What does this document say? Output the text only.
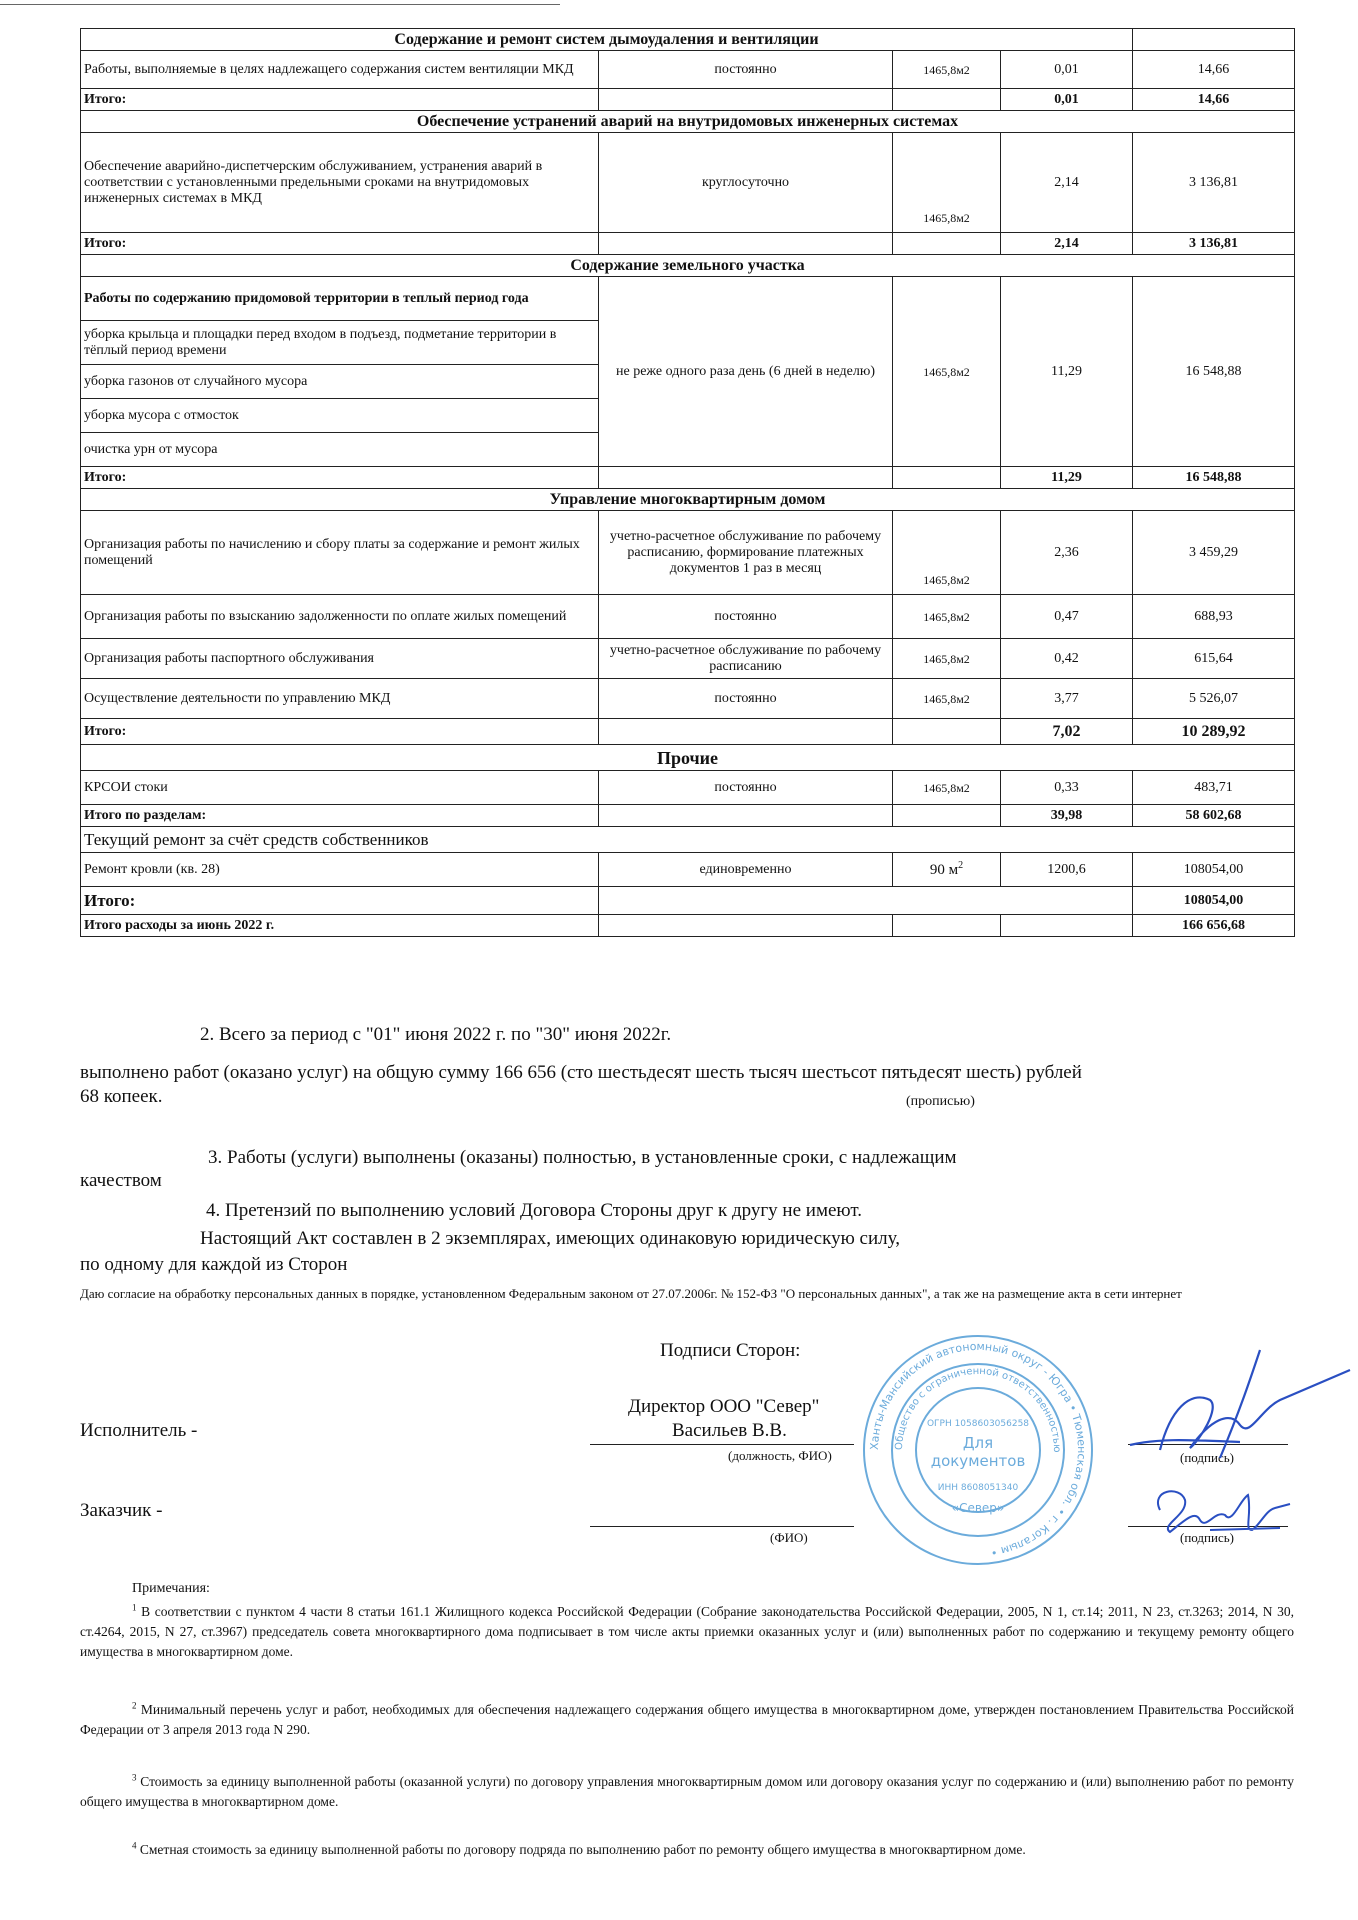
Содержание и ремонт систем дымоудаления и вентиляции				
Работы, выполняемые в целях надлежащего содержания систем вентиляции МКД	постоянно	1465,8м2	0,01	14,66
Итого:			0,01	14,66
Обеспечение устранений аварий на внутридомовых инженерных системах				
Обеспечение аварийно-диспетчерским обслуживанием, устранения аварий в соответствии с установленными предельными сроками на внутридомовых инженерных системах в МКД	круглосуточно	1465,8м2	2,14	3 136,81
Итого:			2,14	3 136,81
Содержание земельного участка				
Работы по содержанию придомовой территории в теплый период года	не реже одного раза день (6 дней в неделю)	1465,8м2	11,29	16 548,88
уборка крыльца и площадки перед входом в подъезд, подметание территории в тёплый период времени				
уборка газонов от случайного мусора				
уборка мусора с отмосток				
очистка урн от мусора				
Итого:			11,29	16 548,88
Управление многоквартирным домом				
Организация работы по начислению и сбору платы за содержание и ремонт жилых помещений	учетно-расчетное обслуживание по рабочему расписанию, формирование платежных документов 1 раз в месяц	1465,8м2	2,36	3 459,29
Организация работы по взысканию задолженности по оплате жилых помещений	постоянно	1465,8м2	0,47	688,93
Организация работы паспортного обслуживания	учетно-расчетное обслуживание по рабочему расписанию	1465,8м2	0,42	615,64
Осуществление деятельности по управлению МКД	постоянно	1465,8м2	3,77	5 526,07
Итого:			7,02	10 289,92
Прочие				
КРСОИ стоки	постоянно	1465,8м2	0,33	483,71
Итого по разделам:			39,98	58 602,68
Текущий ремонт за счёт средств собственников				
Ремонт кровли (кв. 28)	единовременно	90 $м^2$	1200,6	108054,00
Итого:				108054,00
Итого расходы за июнь 2022 г.				166 656,68
2. Всего за период с "01" июня 2022 г. по "30" июня 2022г.
выполнено работ (оказано услуг) на общую сумму 166 656 (сто шестьдесят шесть тысяч шестьсот пятьдесят шесть) рублей
68 копеек.	(прописью)
3. Работы (услуги) выполнены (оказаны) полностью, в установленные сроки, с надлежащим
качеством
4. Претензий по выполнению условий Договора Стороны друг к другу не имеют.
Настоящий Акт составлен в 2 экземплярах, имеющих одинаковую юридическую силу,
по одному для каждой из Сторон
Даю согласие на обработку персональных данных в порядке, установленном Федеральным законом от 27.07.2006г. № 152-ФЗ "О персональных данных", а так же на размещение акта в сети интернет
Подписи Сторон:
Директор ООО "Север"
Исполнитель -	Васильев В.В.
(должность, ФИО)	(подпись)
Заказчик -
(ФИО)	(подпись)
Ханты-Мансийский автономный округ - Югра • Тюменская обл. • г. Когалым •
Общество с ограниченной ответственностью
ОГРН 1058603056258
Для
документов
ИНН 8608051340
«Север»
Примечания:
$^1$ В соответствии с пунктом 4 части 8 статьи 161.1 Жилищного кодекса Российской Федерации (Собрание законодательства Российской Федерации, 2005, N 1, ст.14; 2011, N 23, ст.3263; 2014, N 30, ст.4264, 2015, N 27, ст.3967) председатель совета многоквартирного дома подписывает в том числе акты приемки оказанных услуг и (или) выполненных работ по содержанию и текущему ремонту общего имущества в многоквартирном доме.
$^2$ Минимальный перечень услуг и работ, необходимых для обеспечения надлежащего содержания общего имущества в многоквартирном доме, утвержден постановлением Правительства Российской Федерации от 3 апреля 2013 года N 290.
$^3$ Стоимость за единицу выполненной работы (оказанной услуги) по договору управления многоквартирным домом или договору оказания услуг по содержанию и (или) выполнению работ по ремонту общего имущества в многоквартирном доме.
$^4$ Сметная стоимость за единицу выполненной работы по договору подряда по выполнению работ по ремонту общего имущества в многоквартирном доме.
